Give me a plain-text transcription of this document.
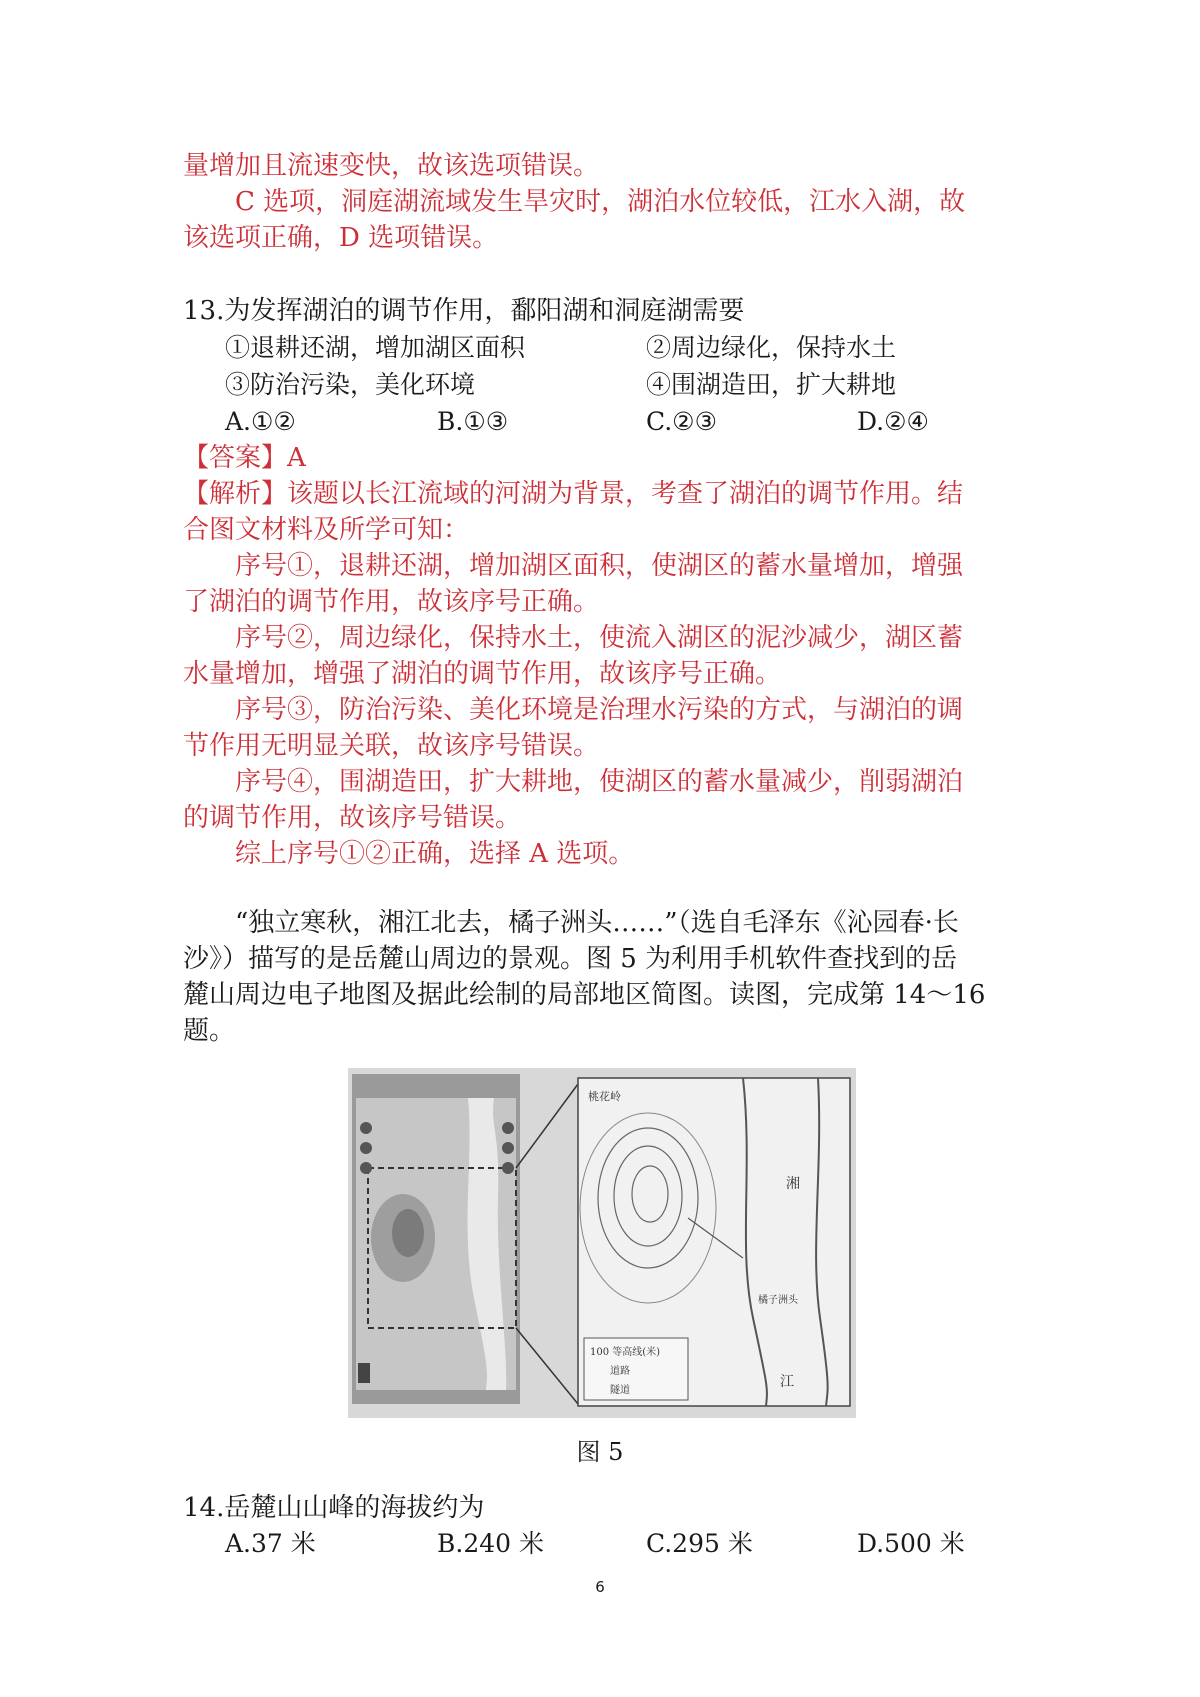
量增加且流速变快，故该选项错误。
C 选项，洞庭湖流域发生旱灾时，湖泊水位较低，江水入湖，故
该选项正确，D 选项错误。
13.为发挥湖泊的调节作用，鄱阳湖和洞庭湖需要
①退耕还湖，增加湖区面积	②周边绿化，保持水土
③防治污染，美化环境	④围湖造田，扩大耕地
A.①②	B.①③	C.②③	D.②④
【答案】A
【解析】该题以长江流域的河湖为背景，考查了湖泊的调节作用。结
合图文材料及所学可知：
序号①，退耕还湖，增加湖区面积，使湖区的蓄水量增加，增强
了湖泊的调节作用，故该序号正确。
序号②，周边绿化，保持水土，使流入湖区的泥沙减少，湖区蓄
水量增加，增强了湖泊的调节作用，故该序号正确。
序号③，防治污染、美化环境是治理水污染的方式，与湖泊的调
节作用无明显关联，故该序号错误。
序号④，围湖造田，扩大耕地，使湖区的蓄水量减少，削弱湖泊
的调节作用，故该序号错误。
综上序号①②正确，选择 A 选项。
“独立寒秋，湘江北去，橘子洲头……”（选自毛泽东《沁园春·长
沙》）描写的是岳麓山周边的景观。图 5 为利用手机软件查找到的岳
麓山周边电子地图及据此绘制的局部地区简图。读图，完成第 14～16
题。
桃花岭
湘
江
橘子洲头
100 等高线(米)
道路
隧道
图 5
14.岳麓山山峰的海拔约为
A.37 米	B.240 米	C.295 米	D.500 米
6
